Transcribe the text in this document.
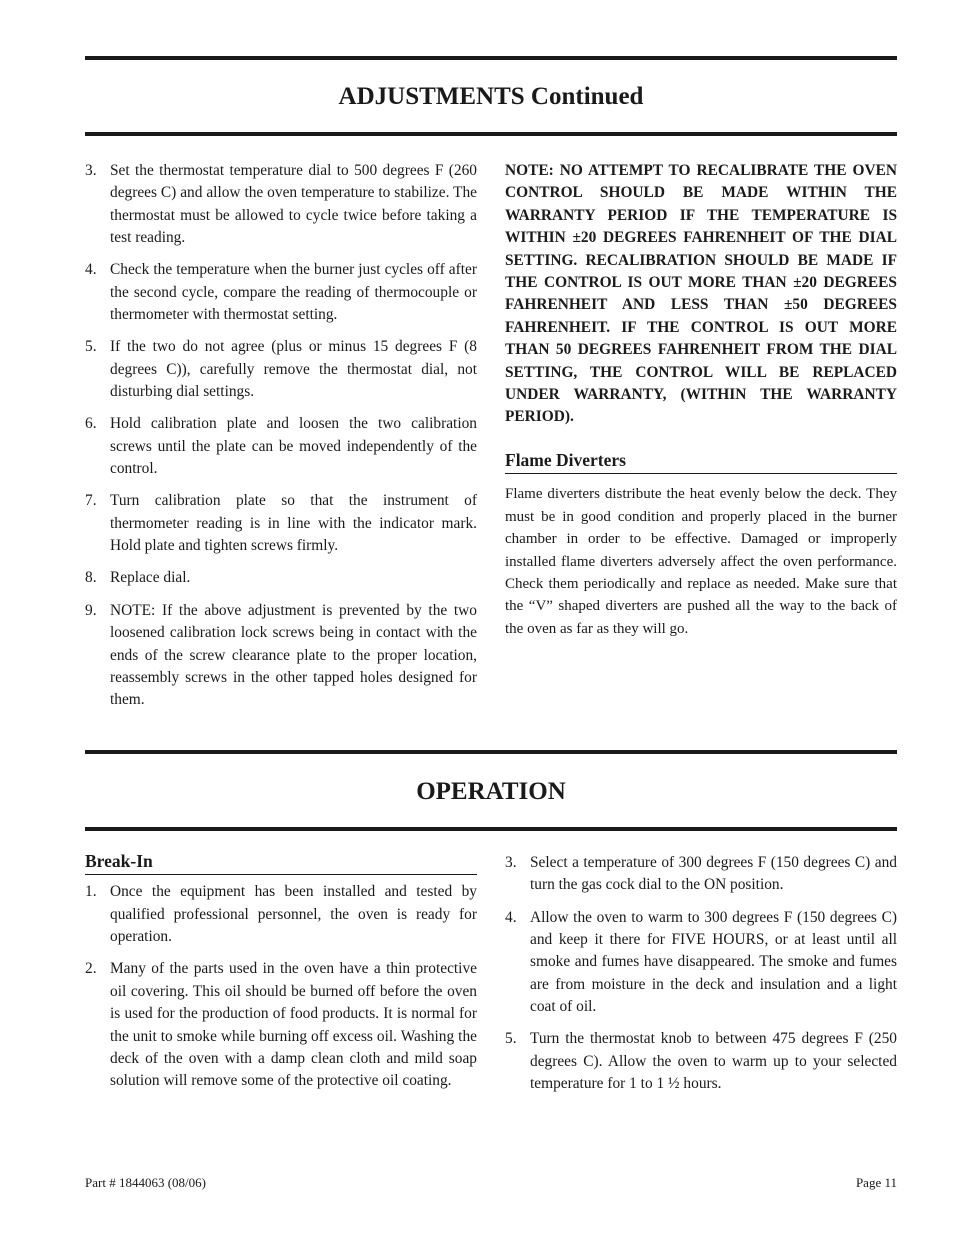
ADJUSTMENTS Continued
3. Set the thermostat temperature dial to 500 degrees F (260 degrees C) and allow the oven temperature to stabilize. The thermostat must be allowed to cycle twice before taking a test reading.
4. Check the temperature when the burner just cycles off after the second cycle, compare the reading of thermocouple or thermometer with thermostat setting.
5. If the two do not agree (plus or minus 15 degrees F (8 degrees C)), carefully remove the thermostat dial, not disturbing dial settings.
6. Hold calibration plate and loosen the two calibration screws until the plate can be moved independently of the control.
7. Turn calibration plate so that the instrument of thermometer reading is in line with the indicator mark. Hold plate and tighten screws firmly.
8. Replace dial.
9. NOTE: If the above adjustment is prevented by the two loosened calibration lock screws being in contact with the ends of the screw clearance plate to the proper location, reassembly screws in the other tapped holes designed for them.

NOTE: NO ATTEMPT TO RECALIBRATE THE OVEN CONTROL SHOULD BE MADE WITHIN THE WARRANTY PERIOD IF THE TEMPERATURE IS WITHIN ±20 DEGREES FAHRENHEIT OF THE DIAL SETTING. RECALIBRATION SHOULD BE MADE IF THE CONTROL IS OUT MORE THAN ±20 DEGREES FAHRENHEIT AND LESS THAN ±50 DEGREES FAHRENHEIT. IF THE CONTROL IS OUT MORE THAN 50 DEGREES FAHRENHEIT FROM THE DIAL SETTING, THE CONTROL WILL BE REPLACED UNDER WARRANTY, (WITHIN THE WARRANTY PERIOD).

Flame Diverters

Flame diverters distribute the heat evenly below the deck. They must be in good condition and properly placed in the burner chamber in order to be effective. Damaged or improperly installed flame diverters adversely affect the oven performance. Check them periodically and replace as needed. Make sure that the “V” shaped diverters are pushed all the way to the back of the oven as far as they will go.

OPERATION
Break-In
1. Once the equipment has been installed and tested by qualified professional personnel, the oven is ready for operation.
2. Many of the parts used in the oven have a thin protective oil covering. This oil should be burned off before the oven is used for the production of food products. It is normal for the unit to smoke while burning off excess oil. Washing the deck of the oven with a damp clean cloth and mild soap solution will remove some of the protective oil coating.
3. Select a temperature of 300 degrees F (150 degrees C) and turn the gas cock dial to the ON position.
4. Allow the oven to warm to 300 degrees F (150 degrees C) and keep it there for FIVE HOURS, or at least until all smoke and fumes have disappeared. The smoke and fumes are from moisture in the deck and insulation and a light coat of oil.
5. Turn the thermostat knob to between 475 degrees F (250 degrees C). Allow the oven to warm up to your selected temperature for 1 to 1 ½ hours.
Part # 1844063 (08/06)	Page 11
